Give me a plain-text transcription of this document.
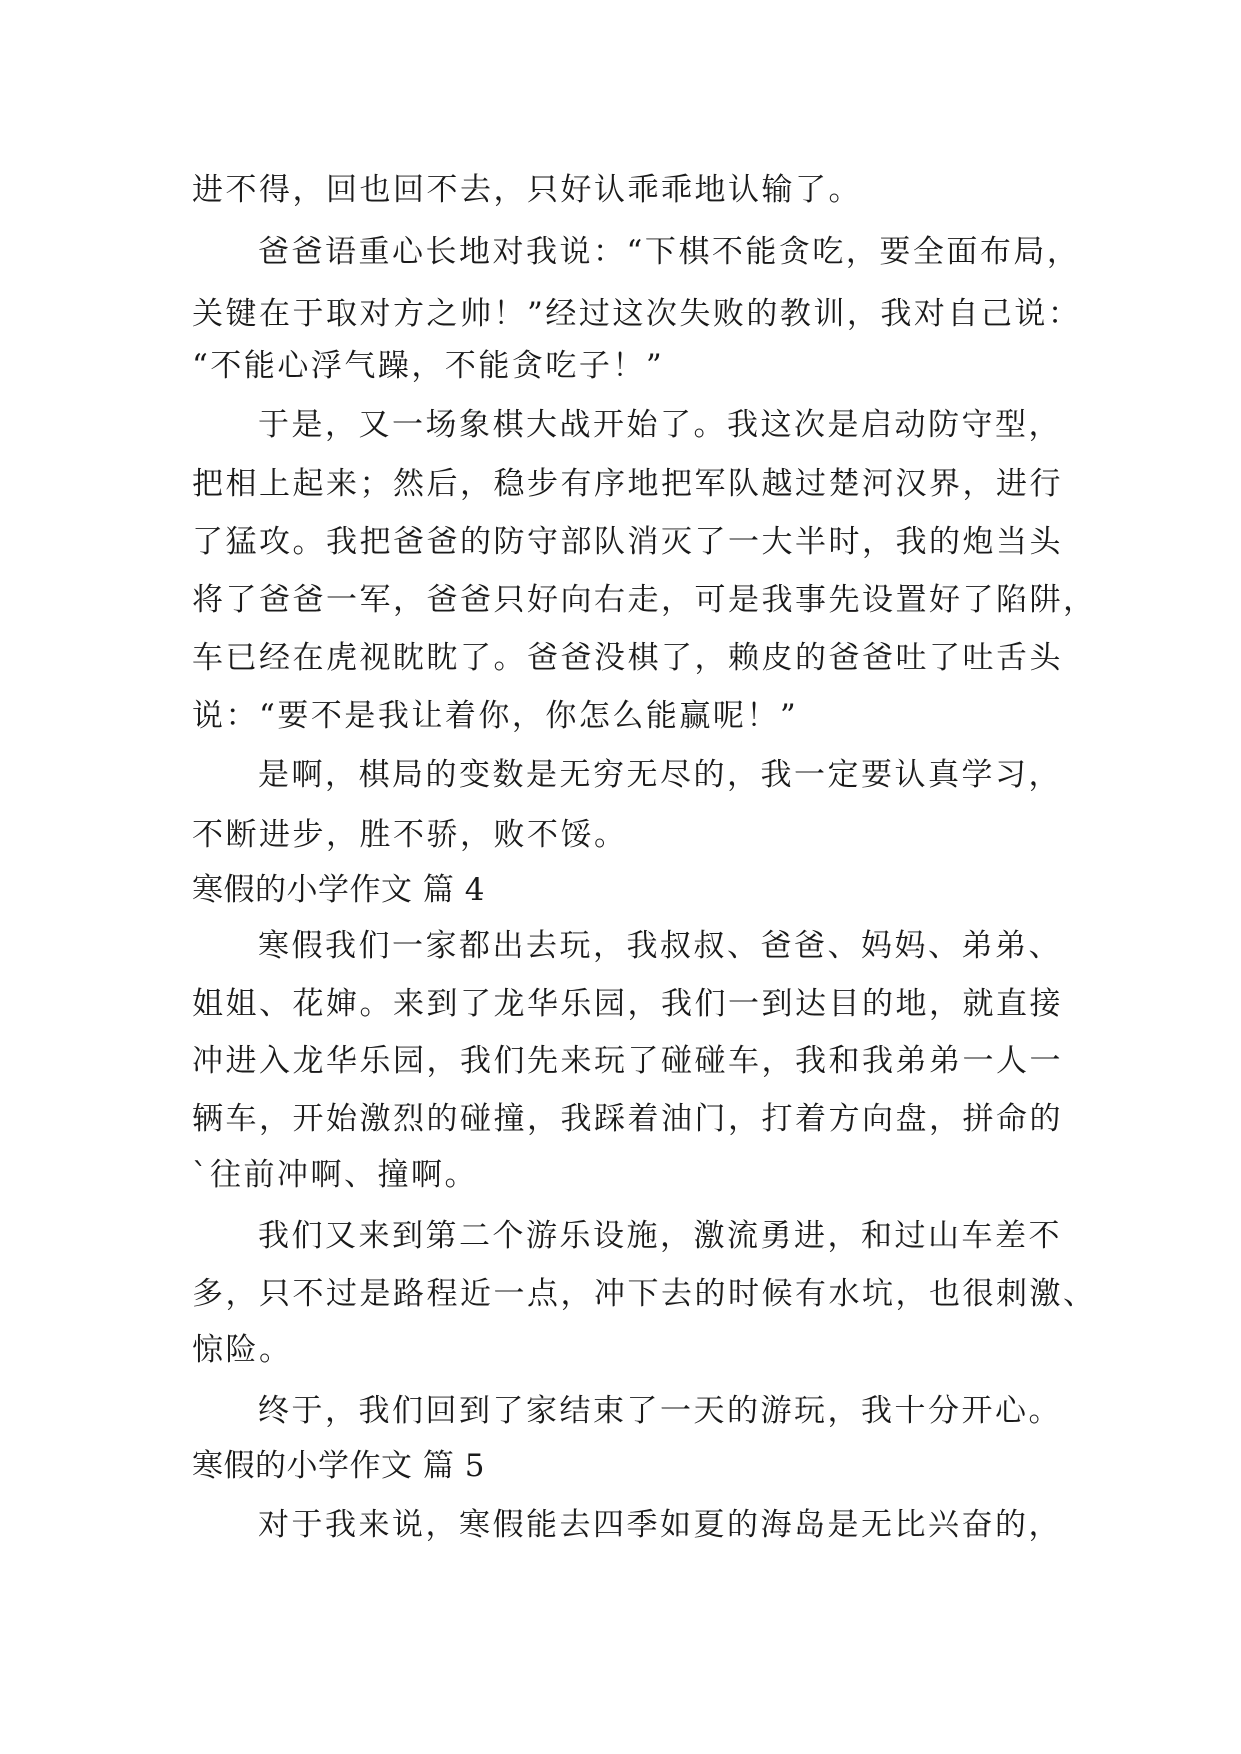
进不得，回也回不去，只好认乖乖地认输了。

爸爸语重心长地对我说：“下棋不能贪吃，要全面布局，

关键在于取对方之帅！”经过这次失败的教训，我对自己说：

“不能心浮气躁，不能贪吃子！”

于是，又一场象棋大战开始了。我这次是启动防守型，

把相上起来；然后，稳步有序地把军队越过楚河汉界，进行

了猛攻。我把爸爸的防守部队消灭了一大半时，我的炮当头

将了爸爸一军，爸爸只好向右走，可是我事先设置好了陷阱，

车已经在虎视眈眈了。爸爸没棋了，赖皮的爸爸吐了吐舌头

说：“要不是我让着你，你怎么能赢呢！”

是啊，棋局的变数是无穷无尽的，我一定要认真学习，

不断进步，胜不骄，败不馁。

寒假的小学作文 篇 4

寒假我们一家都出去玩，我叔叔、爸爸、妈妈、弟弟、

姐姐、花婶。来到了龙华乐园，我们一到达目的地，就直接

冲进入龙华乐园，我们先来玩了碰碰车，我和我弟弟一人一

辆车，开始激烈的碰撞，我踩着油门，打着方向盘，拼命的

`往前冲啊、撞啊。

我们又来到第二个游乐设施，激流勇进，和过山车差不

多，只不过是路程近一点，冲下去的时候有水坑，也很刺激、

惊险。

终于，我们回到了家结束了一天的游玩，我十分开心。

寒假的小学作文 篇 5

对于我来说，寒假能去四季如夏的海岛是无比兴奋的，
